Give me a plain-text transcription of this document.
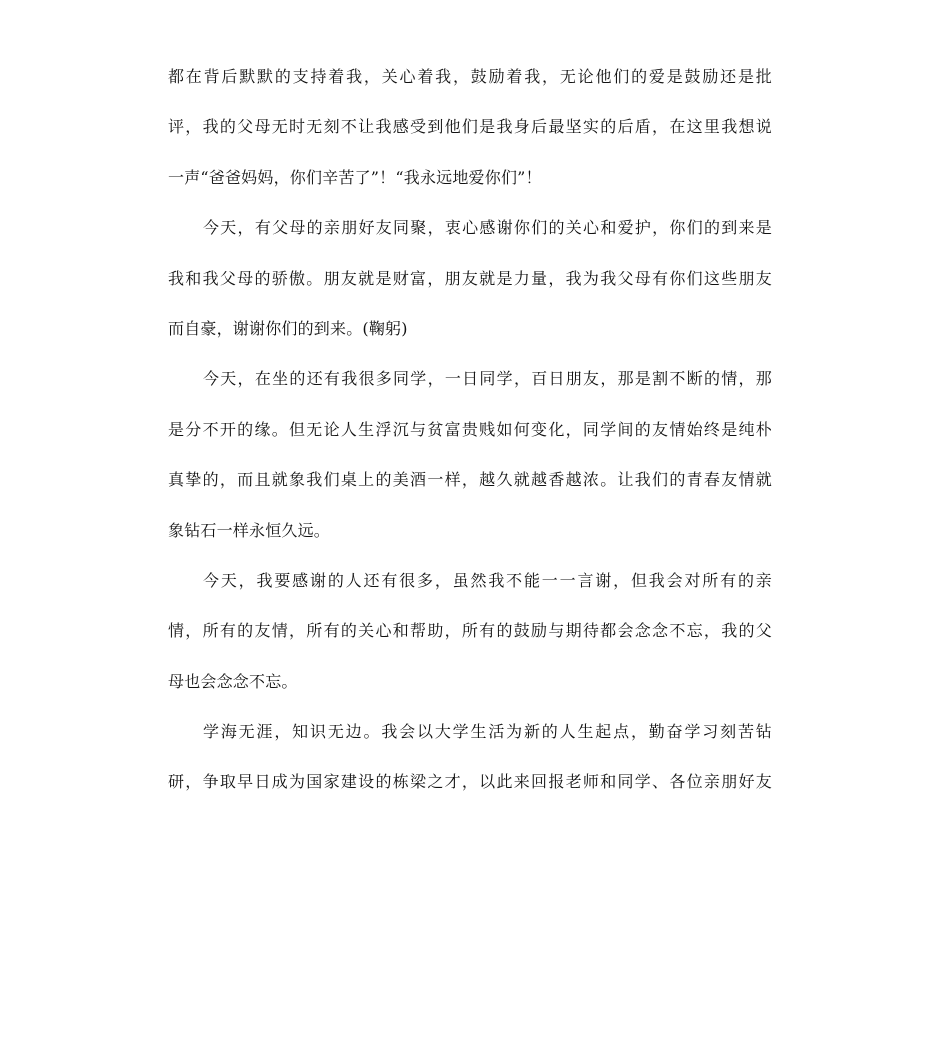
都在背后默默的支持着我，关心着我，鼓励着我，无论他们的爱是鼓励还是批
评，我的父母无时无刻不让我感受到他们是我身后最坚实的后盾，在这里我想说
一声“爸爸妈妈，你们辛苦了”！“我永远地爱你们”！
今天，有父母的亲朋好友同聚，衷心感谢你们的关心和爱护，你们的到来是
我和我父母的骄傲。朋友就是财富，朋友就是力量，我为我父母有你们这些朋友
而自豪，谢谢你们的到来。(鞠躬)
今天，在坐的还有我很多同学，一日同学，百日朋友，那是割不断的情，那
是分不开的缘。但无论人生浮沉与贫富贵贱如何变化，同学间的友情始终是纯朴
真挚的，而且就象我们桌上的美酒一样，越久就越香越浓。让我们的青春友情就
象钻石一样永恒久远。
今天，我要感谢的人还有很多，虽然我不能一一言谢，但我会对所有的亲
情，所有的友情，所有的关心和帮助，所有的鼓励与期待都会念念不忘，我的父
母也会念念不忘。
学海无涯，知识无边。我会以大学生活为新的人生起点，勤奋学习刻苦钻
研，争取早日成为国家建设的栋梁之才，以此来回报老师和同学、各位亲朋好友
